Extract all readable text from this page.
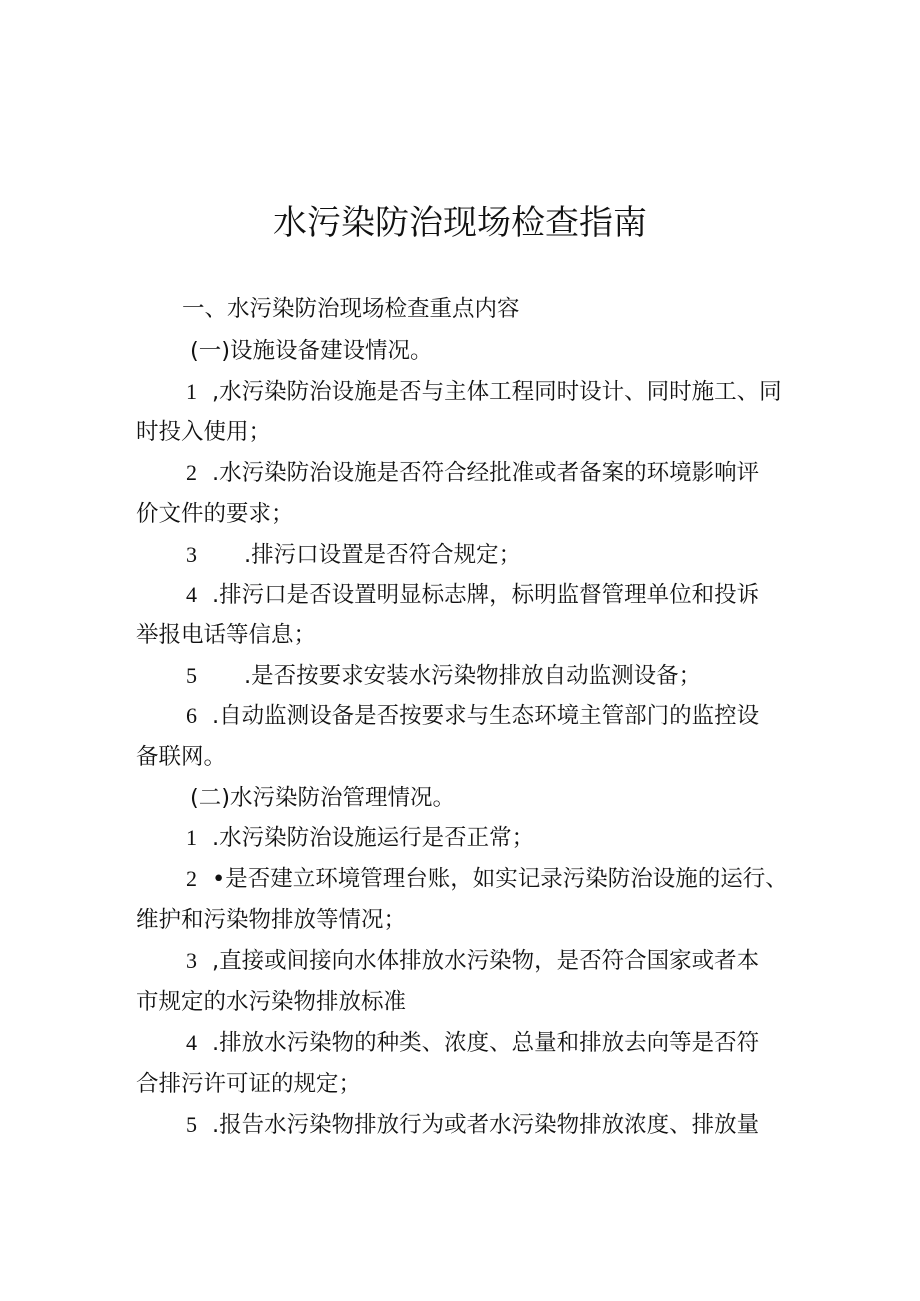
水污染防治现场检查指南
一、水污染防治现场检查重点内容
(一)设施设备建设情况。
1 ,水污染防治设施是否与主体工程同时设计、同时施工、同
时投入使用；
2 .水污染防治设施是否符合经批准或者备案的环境影响评
价文件的要求；
3 .排污口设置是否符合规定；
4 .排污口是否设置明显标志牌，标明监督管理单位和投诉
举报电话等信息；
5 .是否按要求安装水污染物排放自动监测设备；
6 .自动监测设备是否按要求与生态环境主管部门的监控设
备联网。
(二)水污染防治管理情况。
1 .水污染防治设施运行是否正常；
2 •是否建立环境管理台账，如实记录污染防治设施的运行、
维护和污染物排放等情况；
3 ,直接或间接向水体排放水污染物，是否符合国家或者本
市规定的水污染物排放标准
4 .排放水污染物的种类、浓度、总量和排放去向等是否符
合排污许可证的规定；
5 .报告水污染物排放行为或者水污染物排放浓度、排放量
